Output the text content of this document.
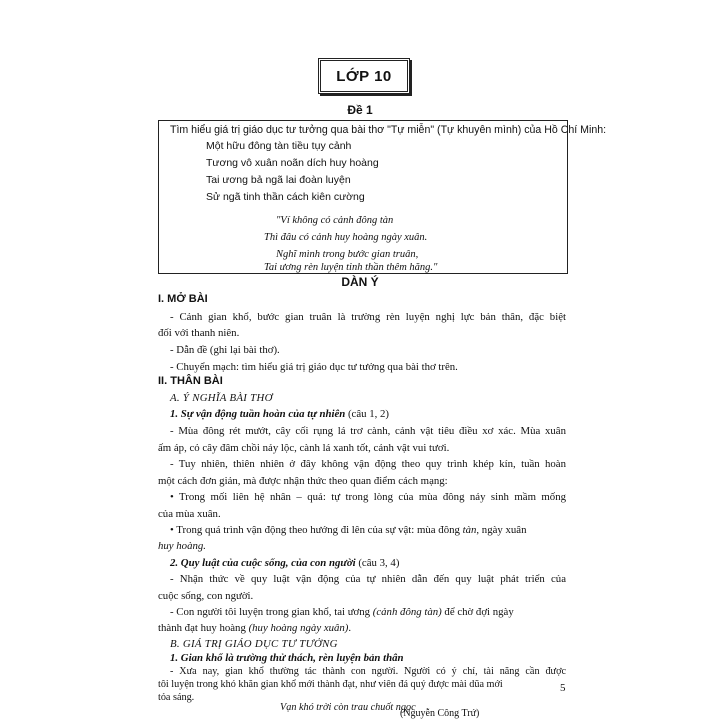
LỚP 10
Đề 1
Tìm hiểu giá trị giáo dục tư tưởng qua bài thơ "Tự miễn" (Tự khuyên mình) của Hồ Chí Minh:
Một hữu đông tàn tiều tụy cảnh
Tương vô xuân noãn dích huy hoàng
Tai ương bả ngã lai đoàn luyện
Sử ngã tinh thần cách kiên cường
"Ví không có cảnh đông tàn
Thì đâu có cảnh huy hoàng ngày xuân.
Nghĩ mình trong bước gian truân,
Tai ương rèn luyện tinh thần thêm hăng."
DÀN Ý
I. MỞ BÀI
- Cảnh gian khổ, bước gian truân là trường rèn luyện nghị lực bản thân, đặc biệt
đối với thanh niên.
- Dẫn đề (ghi lại bài thơ).
- Chuyển mạch: tìm hiểu giá trị giáo dục tư tưởng qua bài thơ trên.
II. THÂN BÀI
A. Ý NGHĨA BÀI THƠ
1. Sự vận động tuần hoàn của tự nhiên (câu 1, 2)
- Mùa đông rét mướt, cây cối rụng lá trơ cành, cảnh vật tiêu điều xơ xác. Mùa xuân
ấm áp, cỏ cây đâm chồi nảy lộc, cành lá xanh tốt, cảnh vật vui tươi.
- Tuy nhiên, thiên nhiên ở đây không vận động theo quy trình khép kín, tuần hoàn
một cách đơn giản, mà được nhận thức theo quan điểm cách mạng:
• Trong mối liên hệ nhân – quả: tự trong lòng của mùa đông nảy sinh mầm mống
của mùa xuân.
• Trong quá trình vận động theo hướng đi lên của sự vật: mùa đông tàn, ngày xuân
huy hoàng.
2. Quy luật của cuộc sống, của con người (câu 3, 4)
- Nhận thức về quy luật vận động của tự nhiên dẫn đến quy luật phát triển của
cuộc sống, con người.
- Con người tôi luyện trong gian khổ, tai ương (cảnh đông tàn) để chờ đợi ngày
thành đạt huy hoàng (huy hoàng ngày xuân).
B. GIÁ TRỊ GIÁO DỤC TƯ TƯỞNG
1. Gian khổ là trường thử thách, rèn luyện bản thân
- Xưa nay, gian khổ thường tác thành con người. Người có ý chí, tài năng cần được
tôi luyện trong khó khăn gian khổ mới thành đạt, như viên đá quý được mài dũa mới
tỏa sáng.
Vạn khó trời còn trau chuốt ngọc
(Nguyễn Công Trứ)
5
